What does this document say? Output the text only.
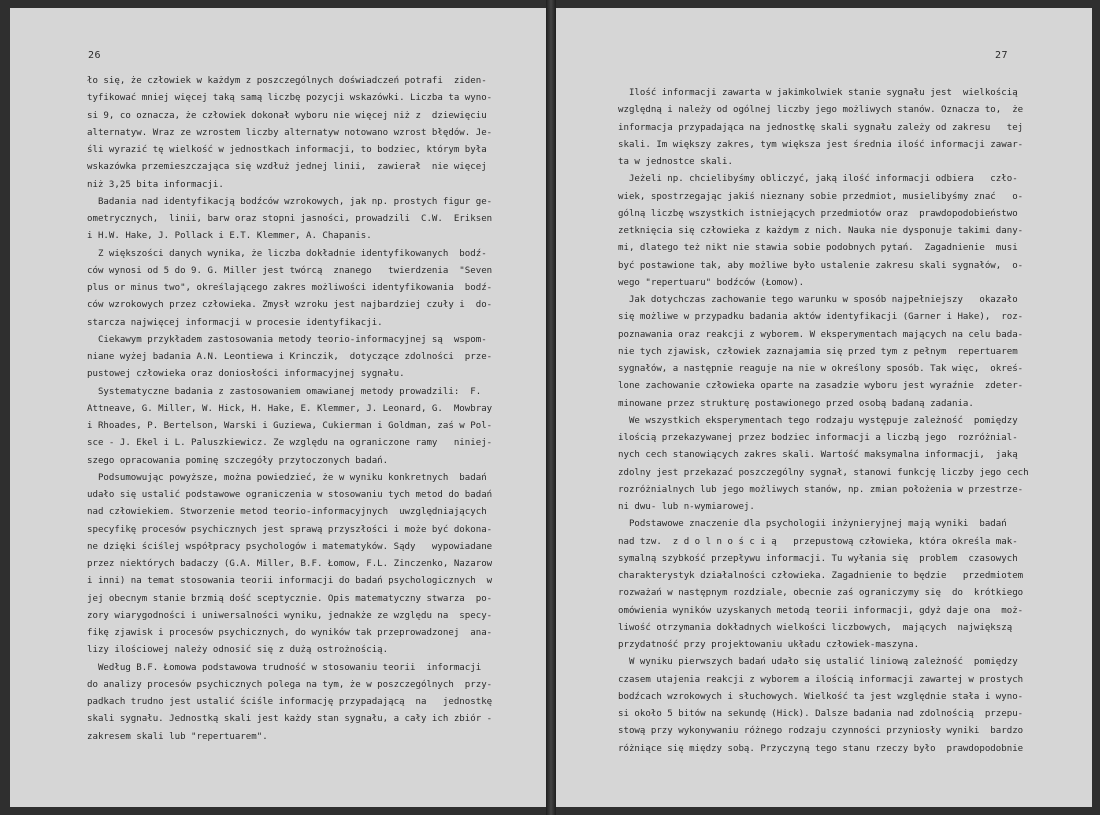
26
ło się, że człowiek w każdym z poszczególnych doświadczeń potrafi  ziden-
tyfikować mniej więcej taką samą liczbę pozycji wskazówki. Liczba ta wyno-
si 9, co oznacza, że człowiek dokonał wyboru nie więcej niż z  dziewięciu
alternatyw. Wraz ze wzrostem liczby alternatyw notowano wzrost błędów. Je-
śli wyrazić tę wielkość w jednostkach informacji, to bodziec, którym była
wskazówka przemieszczająca się wzdłuż jednej linii,  zawierał  nie więcej
niż 3,25 bita informacji.
Badania nad identyfikacją bodźców wzrokowych, jak np. prostych figur ge-
ometrycznych,  linii, barw oraz stopni jasności, prowadzili  C.W.  Eriksen
i H.W. Hake, J. Pollack i E.T. Klemmer, A. Chapanis.
Z większości danych wynika, że liczba dokładnie identyfikowanych  bodź-
ców wynosi od 5 do 9. G. Miller jest twórcą  znanego   twierdzenia  "Seven
plus or minus two", określającego zakres możliwości identyfikowania  bodź-
ców wzrokowych przez człowieka. Zmysł wzroku jest najbardziej czuły i  do-
starcza najwięcej informacji w procesie identyfikacji.
Ciekawym przykładem zastosowania metody teorio-informacyjnej są  wspom-
niane wyżej badania A.N. Leontiewa i Krinczik,  dotyczące zdolności  prze-
pustowej człowieka oraz doniosłości informacyjnej sygnału.
Systematyczne badania z zastosowaniem omawianej metody prowadzili:  F.
Attneave, G. Miller, W. Hick, H. Hake, E. Klemmer, J. Leonard, G.  Mowbray
i Rhoades, P. Bertelson, Warski i Guziewa, Cukierman i Goldman, zaś w Pol-
sce - J. Ekel i L. Paluszkiewicz. Ze względu na ograniczone ramy   niniej-
szego opracowania pominę szczegóły przytoczonych badań.
Podsumowując powyższe, można powiedzieć, że w wyniku konkretnych  badań
udało się ustalić podstawowe ograniczenia w stosowaniu tych metod do badań
nad człowiekiem. Stworzenie metod teorio-informacyjnych  uwzględniających
specyfikę procesów psychicznych jest sprawą przyszłości i może być dokona-
ne dzięki ściślej współpracy psychologów i matematyków. Sądy   wypowiadane
przez niektórych badaczy (G.A. Miller, B.F. Łomow, F.L. Zinczenko, Nazarow
i inni) na temat stosowania teorii informacji do badań psychologicznych  w
jej obecnym stanie brzmią dość sceptycznie. Opis matematyczny stwarza  po-
zory wiarygodności i uniwersalności wyniku, jednakże ze względu na  specy-
fikę zjawisk i procesów psychicznych, do wyników tak przeprowadzonej  ana-
lizy ilościowej należy odnosić się z dużą ostrożnością.
Według B.F. Łomowa podstawowa trudność w stosowaniu teorii  informacji
do analizy procesów psychicznych polega na tym, że w poszczególnych  przy-
padkach trudno jest ustalić ściśle informację przypadającą  na   jednostkę
skali sygnału. Jednostką skali jest każdy stan sygnału, a cały ich zbiór -
zakresem skali lub "repertuarem".
27
Ilość informacji zawarta w jakimkolwiek stanie sygnału jest  wielkością
względną i należy od ogólnej liczby jego możliwych stanów. Oznacza to,  że
informacja przypadająca na jednostkę skali sygnału zależy od zakresu   tej
skali. Im większy zakres, tym większa jest średnia ilość informacji zawar-
ta w jednostce skali.
Jeżeli np. chcielibyśmy obliczyć, jaką ilość informacji odbiera   czło-
wiek, spostrzegając jakiś nieznany sobie przedmiot, musielibyśmy znać   o-
gólną liczbę wszystkich istniejących przedmiotów oraz  prawdopodobieństwo
zetknięcia się człowieka z każdym z nich. Nauka nie dysponuje takimi dany-
mi, dlatego też nikt nie stawia sobie podobnych pytań.  Zagadnienie  musi
być postawione tak, aby możliwe było ustalenie zakresu skali sygnałów,  o-
wego "repertuaru" bodźców (Łomow).
Jak dotychczas zachowanie tego warunku w sposób najpełniejszy   okazało
się możliwe w przypadku badania aktów identyfikacji (Garner i Hake),  roz-
poznawania oraz reakcji z wyborem. W eksperymentach mających na celu bada-
nie tych zjawisk, człowiek zaznajamia się przed tym z pełnym  repertuarem
sygnałów, a następnie reaguje na nie w określony sposób. Tak więc,  okreś-
lone zachowanie człowieka oparte na zasadzie wyboru jest wyraźnie  zdeter-
minowane przez strukturę postawionego przed osobą badaną zadania.
We wszystkich eksperymentach tego rodzaju występuje zależność  pomiędzy
ilością przekazywanej przez bodziec informacji a liczbą jego  rozróżnial-
nych cech stanowiących zakres skali. Wartość maksymalna informacji,  jaką
zdolny jest przekazać poszczególny sygnał, stanowi funkcję liczby jego cech
rozróżnialnych lub jego możliwych stanów, np. zmian położenia w przestrze-
ni dwu- lub n-wymiarowej.
Podstawowe znaczenie dla psychologii inżynieryjnej mają wyniki  badań
nad tzw.  z d o l n o ś c i ą   przepustową człowieka, która określa mak-
symalną szybkość przepływu informacji. Tu wyłania się  problem  czasowych
charakterystyk działalności człowieka. Zagadnienie to będzie   przedmiotem
rozważań w następnym rozdziale, obecnie zaś ograniczymy się  do  krótkiego
omówienia wyników uzyskanych metodą teorii informacji, gdyż daje ona  moż-
liwość otrzymania dokładnych wielkości liczbowych,  mających  największą
przydatność przy projektowaniu układu człowiek-maszyna.
W wyniku pierwszych badań udało się ustalić liniową zależność  pomiędzy
czasem utajenia reakcji z wyborem a ilością informacji zawartej w prostych
bodźcach wzrokowych i słuchowych. Wielkość ta jest względnie stała i wyno-
si około 5 bitów na sekundę (Hick). Dalsze badania nad zdolnością  przepu-
stową przy wykonywaniu różnego rodzaju czynności przyniosły wyniki  bardzo
różniące się między sobą. Przyczyną tego stanu rzeczy było  prawdopodobnie
